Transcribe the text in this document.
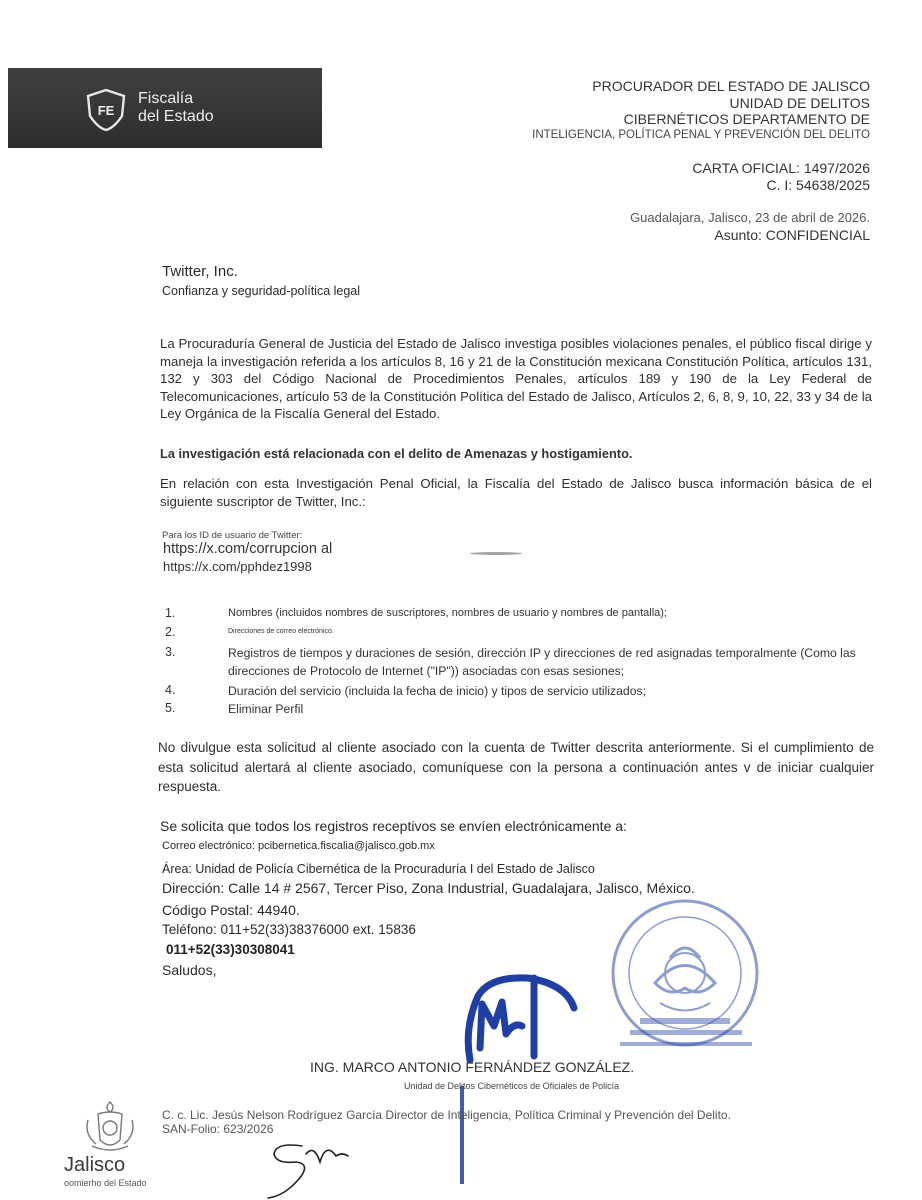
FE
Fiscalía
del Estado
PROCURADOR DEL ESTADO DE JALISCO
UNIDAD DE DELITOS
CIBERNÉTICOS DEPARTAMENTO DE
INTELIGENCIA, POLÍTICA PENAL Y PREVENCIÓN DEL DELITO
CARTA OFICIAL: 1497/2026
C. I: 54638/2025
Guadalajara, Jalisco, 23 de abril de 2026.
Asunto: CONFIDENCIAL
Twitter, Inc.
Confianza y seguridad-política legal
La Procuraduría General de Justicia del Estado de Jalisco investiga posibles violaciones penales, el público fiscal dirige y maneja la investigación referida a los artículos 8, 16 y 21 de la Constitución mexicana Constitución Política, artículos 131, 132 y 303 del Código Nacional de Procedimientos Penales, artículos 189 y 190 de la Ley Federal de Telecomunicaciones, artículo 53 de la Constitución Política del Estado de Jalisco, Artículos 2, 6, 8, 9, 10, 22, 33 y 34 de la Ley Orgánica de la Fiscalía General del Estado.
La investigación está relacionada con el delito de Amenazas y hostigamiento.
En relación con esta Investigación Penal Oficial, la Fiscalía del Estado de Jalisco busca información básica de el siguiente suscriptor de Twitter, Inc.:
Para los ID de usuario de Twitter:
https://x.com/corrupcion al
https://x.com/pphdez1998
1.	Nombres (incluidos nombres de suscriptores, nombres de usuario y nombres de pantalla);
2.	Direcciones de correo electrónico.
3.	Registros de tiempos y duraciones de sesión, dirección IP y direcciones de red asignadas temporalmente (Como las direcciones de Protocolo de Internet ("IP")) asociadas con esas sesiones;
4.	Duración del servicio (incluida la fecha de inicio) y tipos de servicio utilizados;
5.	Eliminar Perfil
No divulgue esta solicitud al cliente asociado con la cuenta de Twitter descrita anteriormente. Si el cumplimiento de esta solicitud alertará al cliente asociado, comuníquese con la persona a continuación antes v de iniciar cualquier respuesta.
Se solicita que todos los registros receptivos se envíen electrónicamente a:
Correo electrónico: pcibernetica.fiscalia@jalisco.gob.mx
Área: Unidad de Policía Cibernética de la Procuraduría I del Estado de Jalisco
Dirección: Calle 14 # 2567, Tercer Piso, Zona Industrial, Guadalajara, Jalisco, México.
Código Postal: 44940.
Teléfono: 011+52(33)38376000 ext. 15836
011+52(33)30308041
Saludos,
ING. MARCO ANTONIO FERNÁNDEZ GONZÁLEZ.
Unidad de Delitos Cibernéticos de Oficiales de Policía
C. c. Lic. Jesús Nelson Rodríguez García Director de Inteligencia, Política Criminal y Prevención del Delito.
SAN-Folio: 623/2026
Jalisco
oomierho del Estado
